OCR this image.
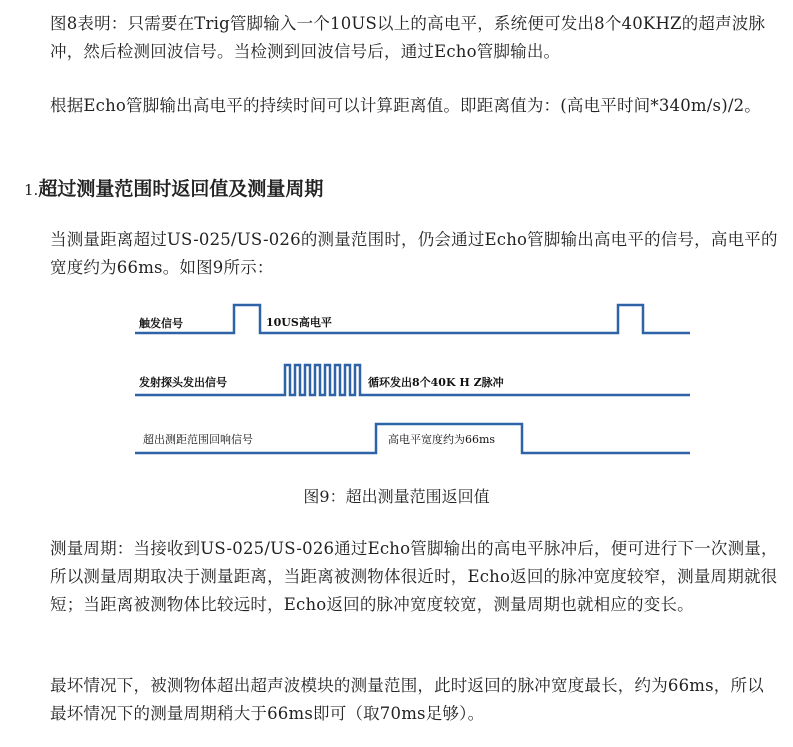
图8表明：只需要在Trig管脚输入一个10US以上的高电平，系统便可发出8个40KHZ的超声波脉冲，然后检测回波信号。当检测到回波信号后，通过Echo管脚输出。

根据Echo管脚输出高电平的持续时间可以计算距离值。即距离值为：(高电平时间*340m/s)/2。

1.超过测量范围时返回值及测量周期

当测量距离超过US-025/US-026的测量范围时，仍会通过Echo管脚输出高电平的信号，高电平的宽度约为66ms。如图9所示：

触发信号	10US高电平
发射探头发出信号	循环发出8个40K H Z脉冲
超出测距范围回响信号	高电平宽度约为66ms
图9：超出测量范围返回值

测量周期：当接收到US-025/US-026通过Echo管脚输出的高电平脉冲后，便可进行下一次测量，所以测量周期取决于测量距离，当距离被测物体很近时，Echo返回的脉冲宽度较窄，测量周期就很短；当距离被测物体比较远时，Echo返回的脉冲宽度较宽，测量周期也就相应的变长。

最坏情况下，被测物体超出超声波模块的测量范围，此时返回的脉冲宽度最长，约为66ms，所以最坏情况下的测量周期稍大于66ms即可（取70ms足够）。
